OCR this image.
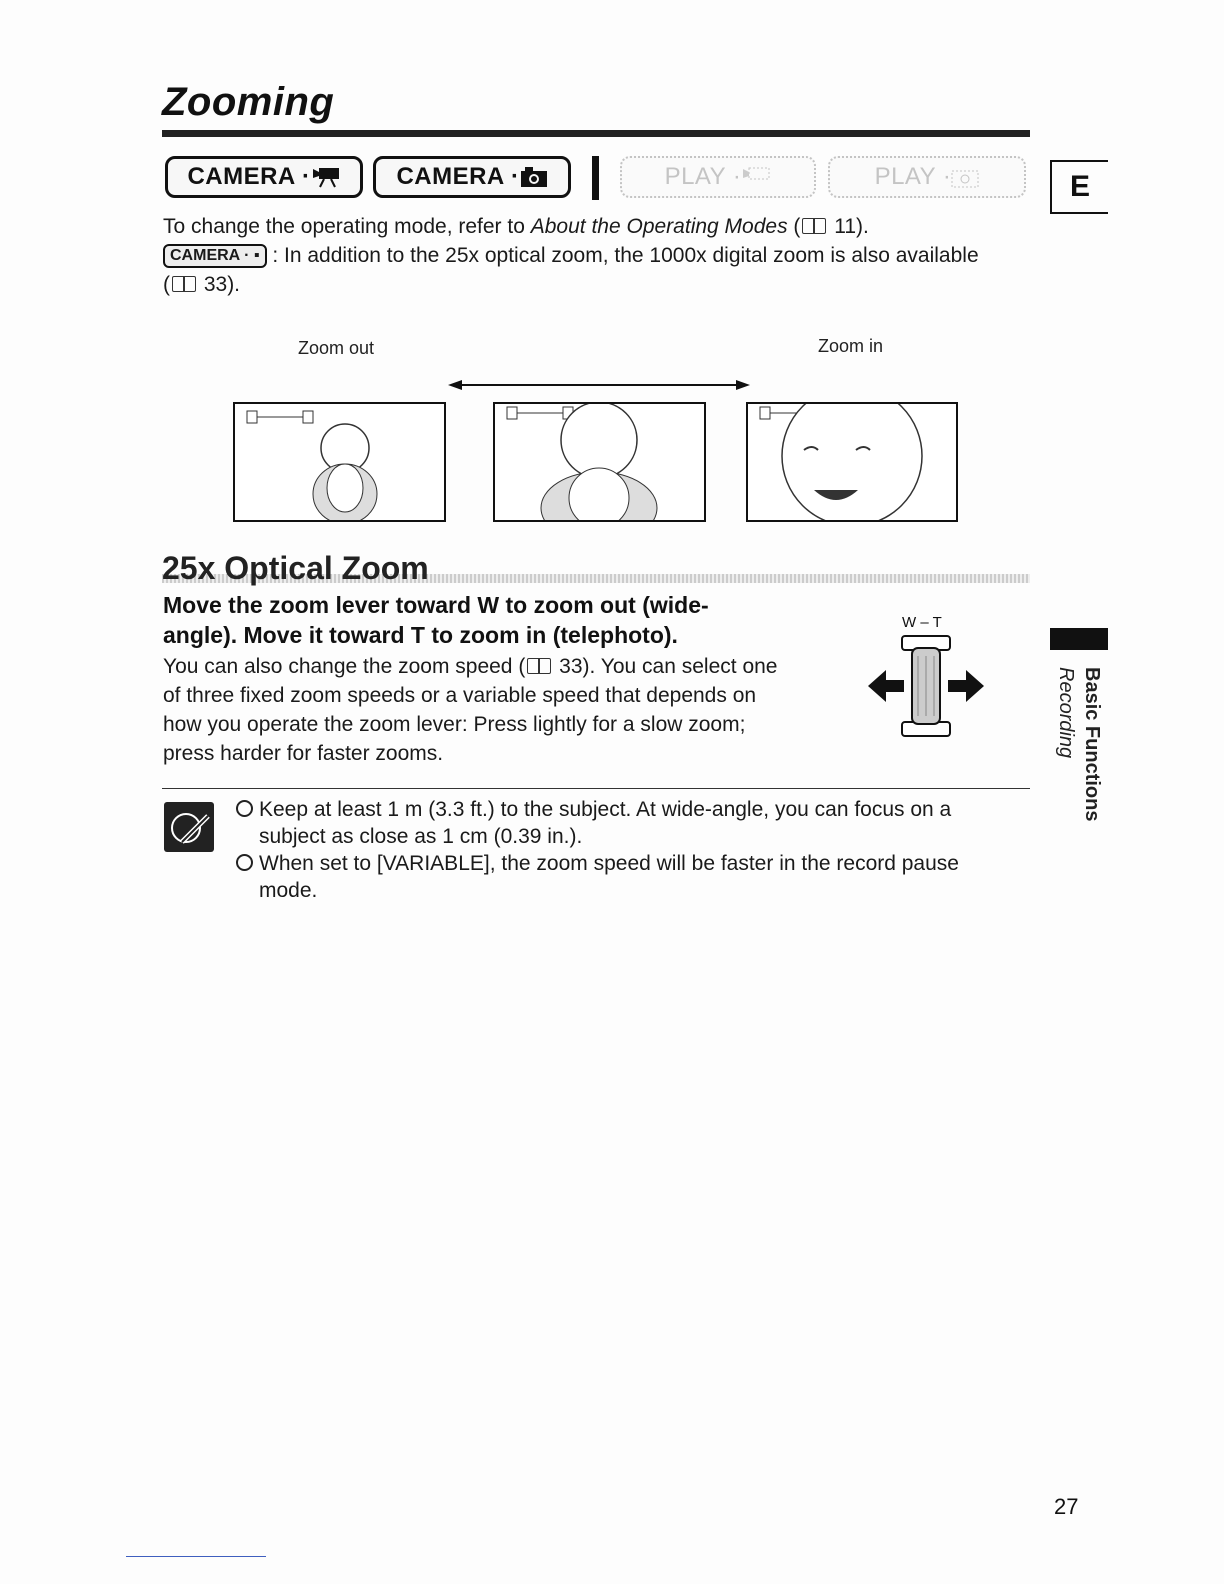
Zooming
CAMERA ·	CAMERA ·	PLAY ·	PLAY ·	E
To change the operating mode, refer to About the Operating Modes ( 11).
CAMERA · ▪ : In addition to the 25x optical zoom, the 1000x digital zoom is also available
( 33).
Zoom out	Zoom in
25x Optical Zoom
Move the zoom lever toward W to zoom out (wide-
angle). Move it toward T to zoom in (telephoto).
You can also change the zoom speed ( 33). You can select one
of three fixed zoom speeds or a variable speed that depends on
how you operate the zoom lever: Press lightly for a slow zoom;
press harder for faster zooms.
W – T
Keep at least 1 m (3.3 ft.) to the subject. At wide-angle, you can focus on a
subject as close as 1 cm (0.39 in.).
When set to [VARIABLE], the zoom speed will be faster in the record pause
mode.
Basic Functions
Recording
27
